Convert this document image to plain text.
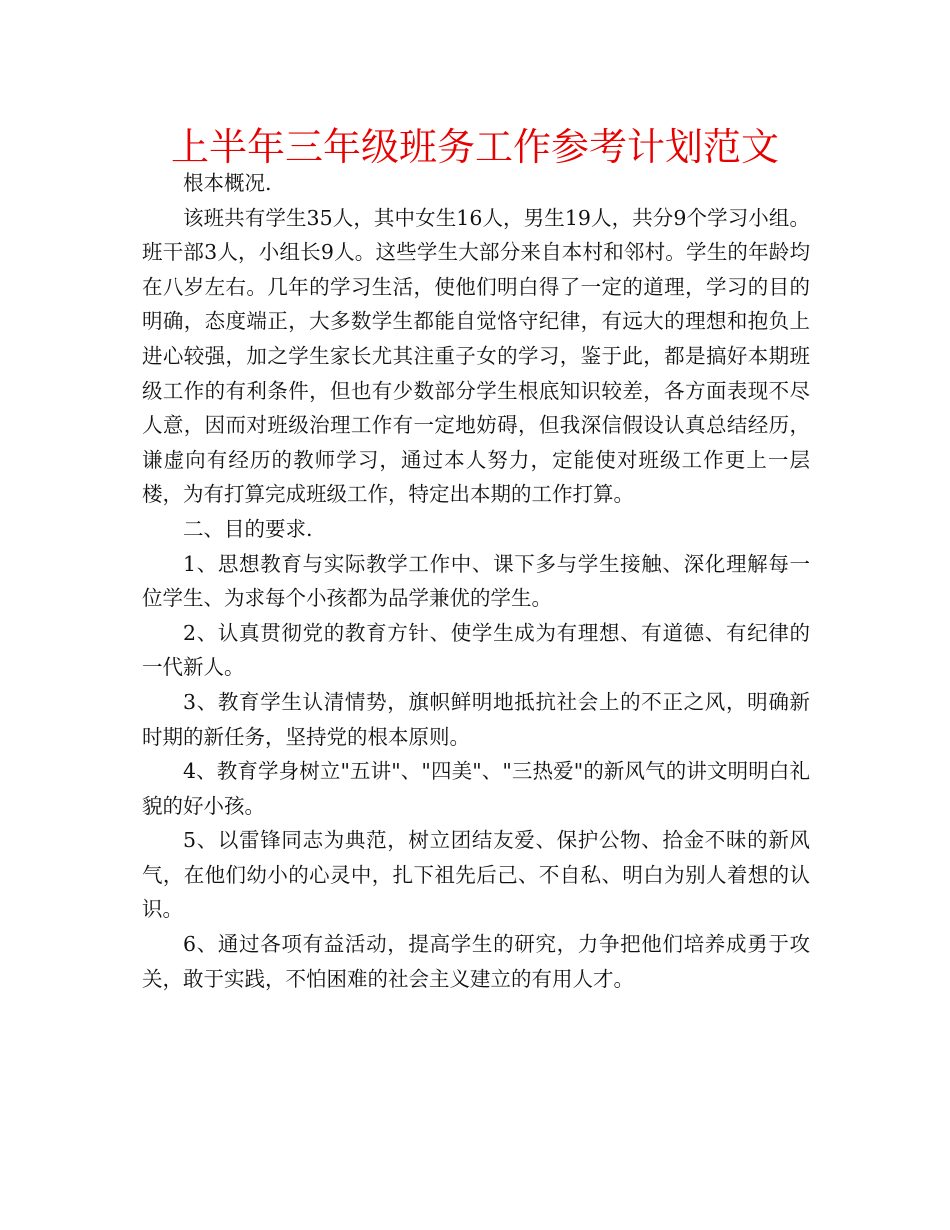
上半年三年级班务工作参考计划范文

根本概况.

该班共有学生35人，其中女生16人，男生19人，共分9个学习小组。班干部3人，小组长9人。这些学生大部分来自本村和邻村。学生的年龄均在八岁左右。几年的学习生活，使他们明白得了一定的道理，学习的目的明确，态度端正，大多数学生都能自觉恪守纪律，有远大的理想和抱负上进心较强，加之学生家长尤其注重子女的学习，鉴于此，都是搞好本期班级工作的有利条件，但也有少数部分学生根底知识较差，各方面表现不尽人意，因而对班级治理工作有一定地妨碍，但我深信假设认真总结经历，谦虚向有经历的教师学习，通过本人努力，定能使对班级工作更上一层楼，为有打算完成班级工作，特定出本期的工作打算。

二、目的要求.

1、思想教育与实际教学工作中、课下多与学生接触、深化理解每一位学生、为求每个小孩都为品学兼优的学生。

2、认真贯彻党的教育方针、使学生成为有理想、有道德、有纪律的一代新人。

3、教育学生认清情势，旗帜鲜明地抵抗社会上的不正之风，明确新时期的新任务，坚持党的根本原则。

4、教育学身树立"五讲"、"四美"、"三热爱"的新风气的讲文明明白礼貌的好小孩。

5、以雷锋同志为典范，树立团结友爱、保护公物、拾金不昧的新风气，在他们幼小的心灵中，扎下祖先后己、不自私、明白为别人着想的认识。

6、通过各项有益活动，提高学生的研究，力争把他们培养成勇于攻关，敢于实践，不怕困难的社会主义建立的有用人才。
